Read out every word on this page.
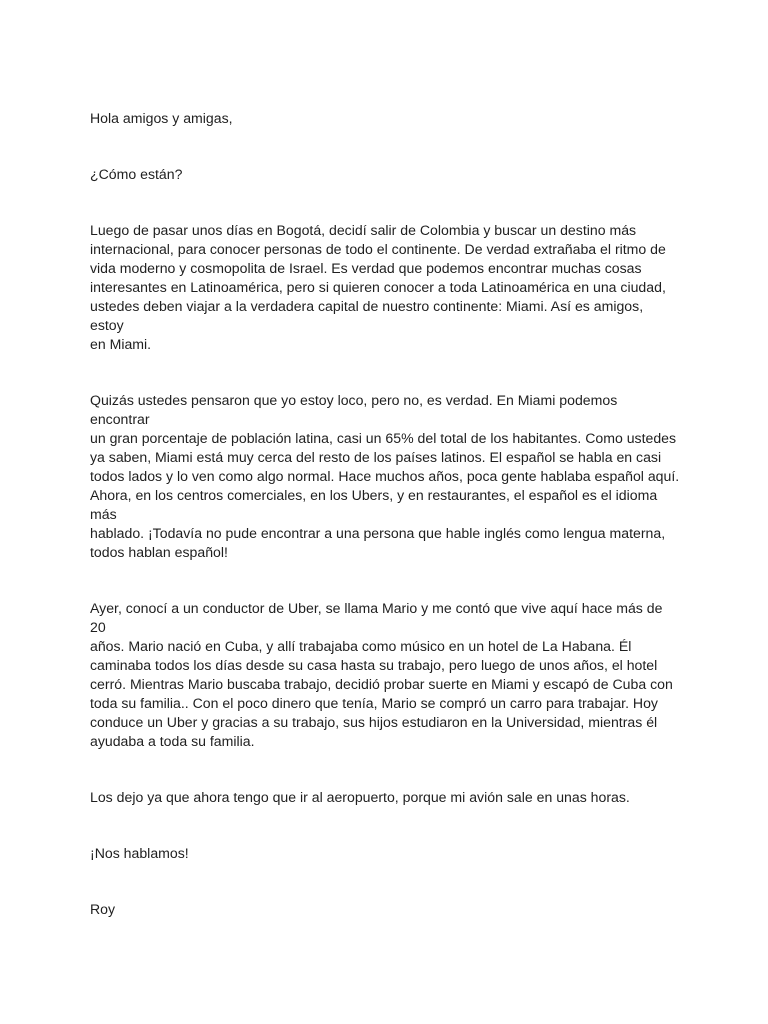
Hola amigos y amigas,

¿Cómo están?

Luego de pasar unos días en Bogotá, decidí salir de Colombia y buscar un destino más
internacional, para conocer personas de todo el continente. De verdad extrañaba el ritmo de
vida moderno y cosmopolita de Israel. Es verdad que podemos encontrar muchas cosas
interesantes en Latinoamérica, pero si quieren conocer a toda Latinoamérica en una ciudad,
ustedes deben viajar a la verdadera capital de nuestro continente: Miami. Así es amigos, estoy
en Miami.

Quizás ustedes pensaron que yo estoy loco, pero no, es verdad. En Miami podemos encontrar
un gran porcentaje de población latina, casi un 65% del total de los habitantes. Como ustedes
ya saben, Miami está muy cerca del resto de los países latinos. El español se habla en casi
todos lados y lo ven como algo normal. Hace muchos años, poca gente hablaba español aquí.
Ahora, en los centros comerciales, en los Ubers, y en restaurantes, el español es el idioma más
hablado. ¡Todavía no pude encontrar a una persona que hable inglés como lengua materna,
todos hablan español!

Ayer, conocí a un conductor de Uber, se llama Mario y me contó que vive aquí hace más de 20
años. Mario nació en Cuba, y allí trabajaba como músico en un hotel de La Habana. Él
caminaba todos los días desde su casa hasta su trabajo, pero luego de unos años, el hotel
cerró. Mientras Mario buscaba trabajo, decidió probar suerte en Miami y escapó de Cuba con
toda su familia.. Con el poco dinero que tenía, Mario se compró un carro para trabajar. Hoy
conduce un Uber y gracias a su trabajo, sus hijos estudiaron en la Universidad, mientras él
ayudaba a toda su familia.

Los dejo ya que ahora tengo que ir al aeropuerto, porque mi avión sale en unas horas.

¡Nos hablamos!

Roy
